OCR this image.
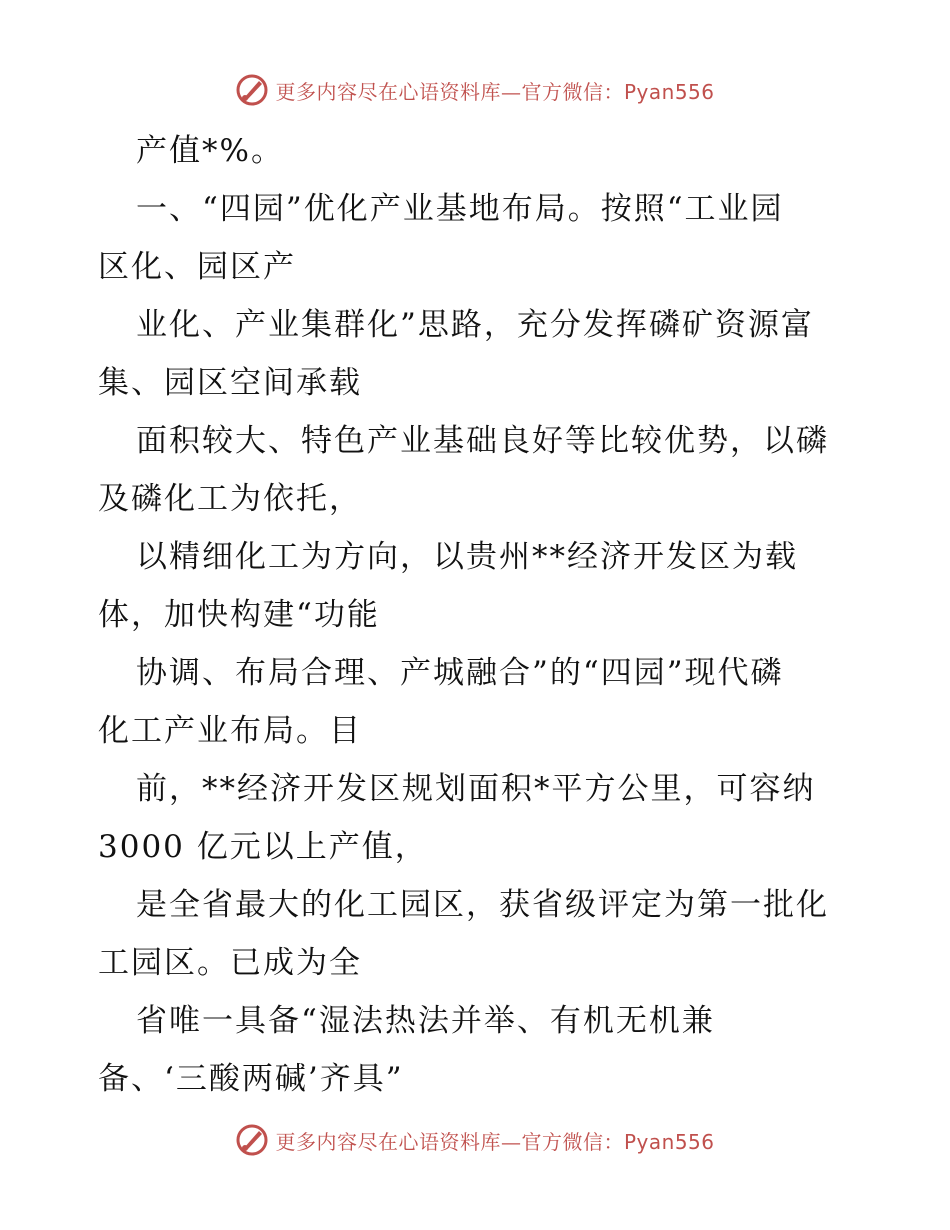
更多内容尽在心语资料库—官方微信：Pyan556
产值*%。
一、“四园”优化产业基地布局。按照“工业园
区化、园区产
业化、产业集群化”思路，充分发挥磷矿资源富
集、园区空间承载
面积较大、特色产业基础良好等比较优势，以磷
及磷化工为依托，
以精细化工为方向，以贵州**经济开发区为载
体，加快构建“功能
协调、布局合理、产城融合”的“四园”现代磷
化工产业布局。目
前，**经济开发区规划面积*平方公里，可容纳
3000 亿元以上产值，
是全省最大的化工园区，获省级评定为第一批化
工园区。已成为全
省唯一具备“湿法热法并举、有机无机兼
备、‘三酸两碱’齐具”
更多内容尽在心语资料库—官方微信：Pyan556
